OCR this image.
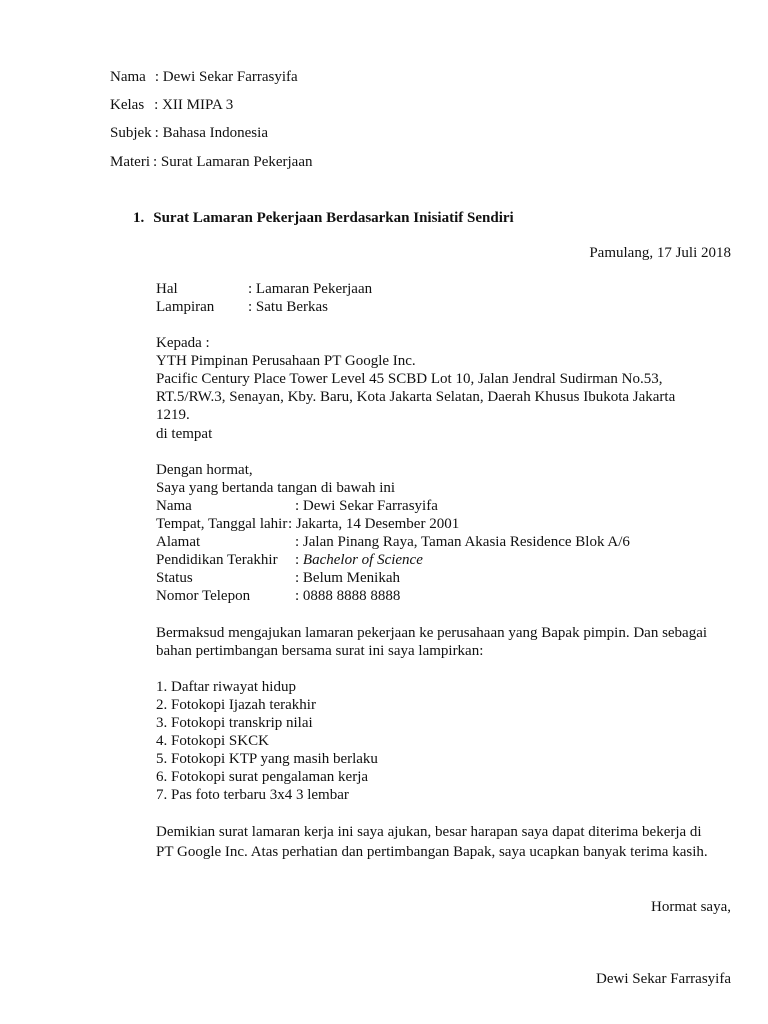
Nama : Dewi Sekar Farrasyifa
Kelas : XII MIPA 3
Subjek : Bahasa Indonesia
Materi : Surat Lamaran Pekerjaan
1. Surat Lamaran Pekerjaan Berdasarkan Inisiatif Sendiri
Pamulang, 17 Juli 2018
Hal	: Lamaran Pekerjaan
Lampiran : Satu Berkas
Kepada :
YTH Pimpinan Perusahaan PT Google Inc.
Pacific Century Place Tower Level 45 SCBD Lot 10, Jalan Jendral Sudirman No.53,
RT.5/RW.3, Senayan, Kby. Baru, Kota Jakarta Selatan, Daerah Khusus Ibukota Jakarta
1219.
di tempat
Dengan hormat,
Saya yang bertanda tangan di bawah ini
Nama	: Dewi Sekar Farrasyifa
Tempat, Tanggal lahir : Jakarta, 14 Desember 2001
Alamat	: Jalan Pinang Raya, Taman Akasia Residence Blok A/6
Pendidikan Terakhir : Bachelor of Science
Status	: Belum Menikah
Nomor Telepon	: 0888 8888 8888
Bermaksud mengajukan lamaran pekerjaan ke perusahaan yang Bapak pimpin. Dan sebagai
bahan pertimbangan bersama surat ini saya lampirkan:
1. Daftar riwayat hidup
2. Fotokopi Ijazah terakhir
3. Fotokopi transkrip nilai
4. Fotokopi SKCK
5. Fotokopi KTP yang masih berlaku
6. Fotokopi surat pengalaman kerja
7. Pas foto terbaru 3x4 3 lembar
Demikian surat lamaran kerja ini saya ajukan, besar harapan saya dapat diterima bekerja di
PT Google Inc. Atas perhatian dan pertimbangan Bapak, saya ucapkan banyak terima kasih.
Hormat saya,
Dewi Sekar Farrasyifa
